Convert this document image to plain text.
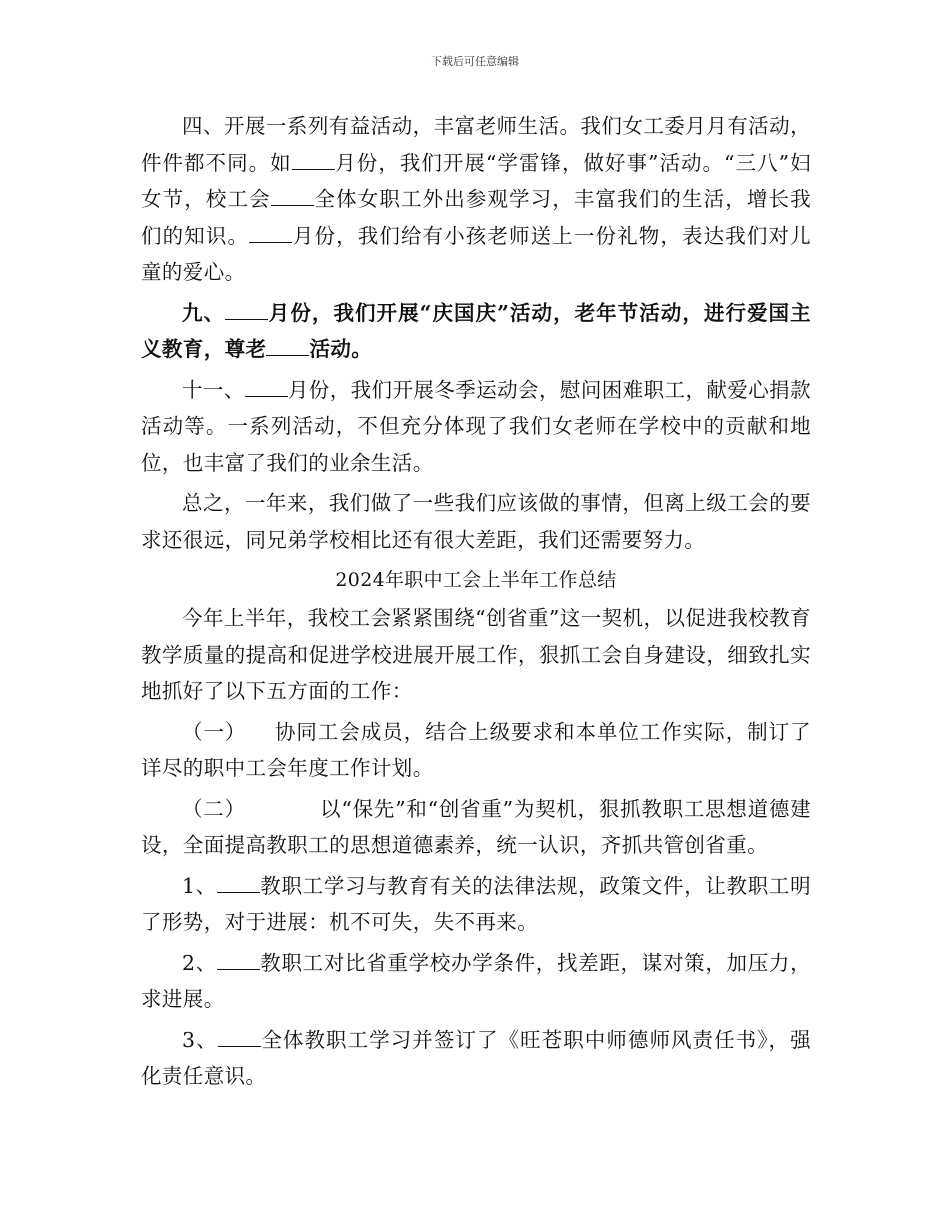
下载后可任意编辑

四、开展一系列有益活动，丰富老师生活。我们女工委月月有活动，件件都不同。如 月份，我们开展“学雷锋，做好事”活动。“三八”妇女节，校工会 全体女职工外出参观学习，丰富我们的生活，增长我们的知识。 月份，我们给有小孩老师送上一份礼物，表达我们对儿童的爱心。

九、 月份，我们开展“庆国庆”活动，老年节活动，进行爱国主义教育，尊老 活动。

十一、 月份，我们开展冬季运动会，慰问困难职工，献爱心捐款活动等。一系列活动，不但充分体现了我们女老师在学校中的贡献和地位，也丰富了我们的业余生活。

总之，一年来，我们做了一些我们应该做的事情，但离上级工会的要求还很远，同兄弟学校相比还有很大差距，我们还需要努力。

2024年职中工会上半年工作总结

今年上半年，我校工会紧紧围绕“创省重”这一契机，以促进我校教育教学质量的提高和促进学校进展开展工作，狠抓工会自身建设，细致扎实地抓好了以下五方面的工作：

（一） 协同工会成员，结合上级要求和本单位工作实际，制订了详尽的职中工会年度工作计划。

（二）	以“保先”和“创省重”为契机，狠抓教职工思想道德建设，全面提高教职工的思想道德素养，统一认识，齐抓共管创省重。

1、 教职工学习与教育有关的法律法规，政策文件，让教职工明了形势，对于进展：机不可失，失不再来。

2、 教职工对比省重学校办学条件，找差距，谋对策，加压力，求进展。

3、 全体教职工学习并签订了《旺苍职中师德师风责任书》，强化责任意识。
